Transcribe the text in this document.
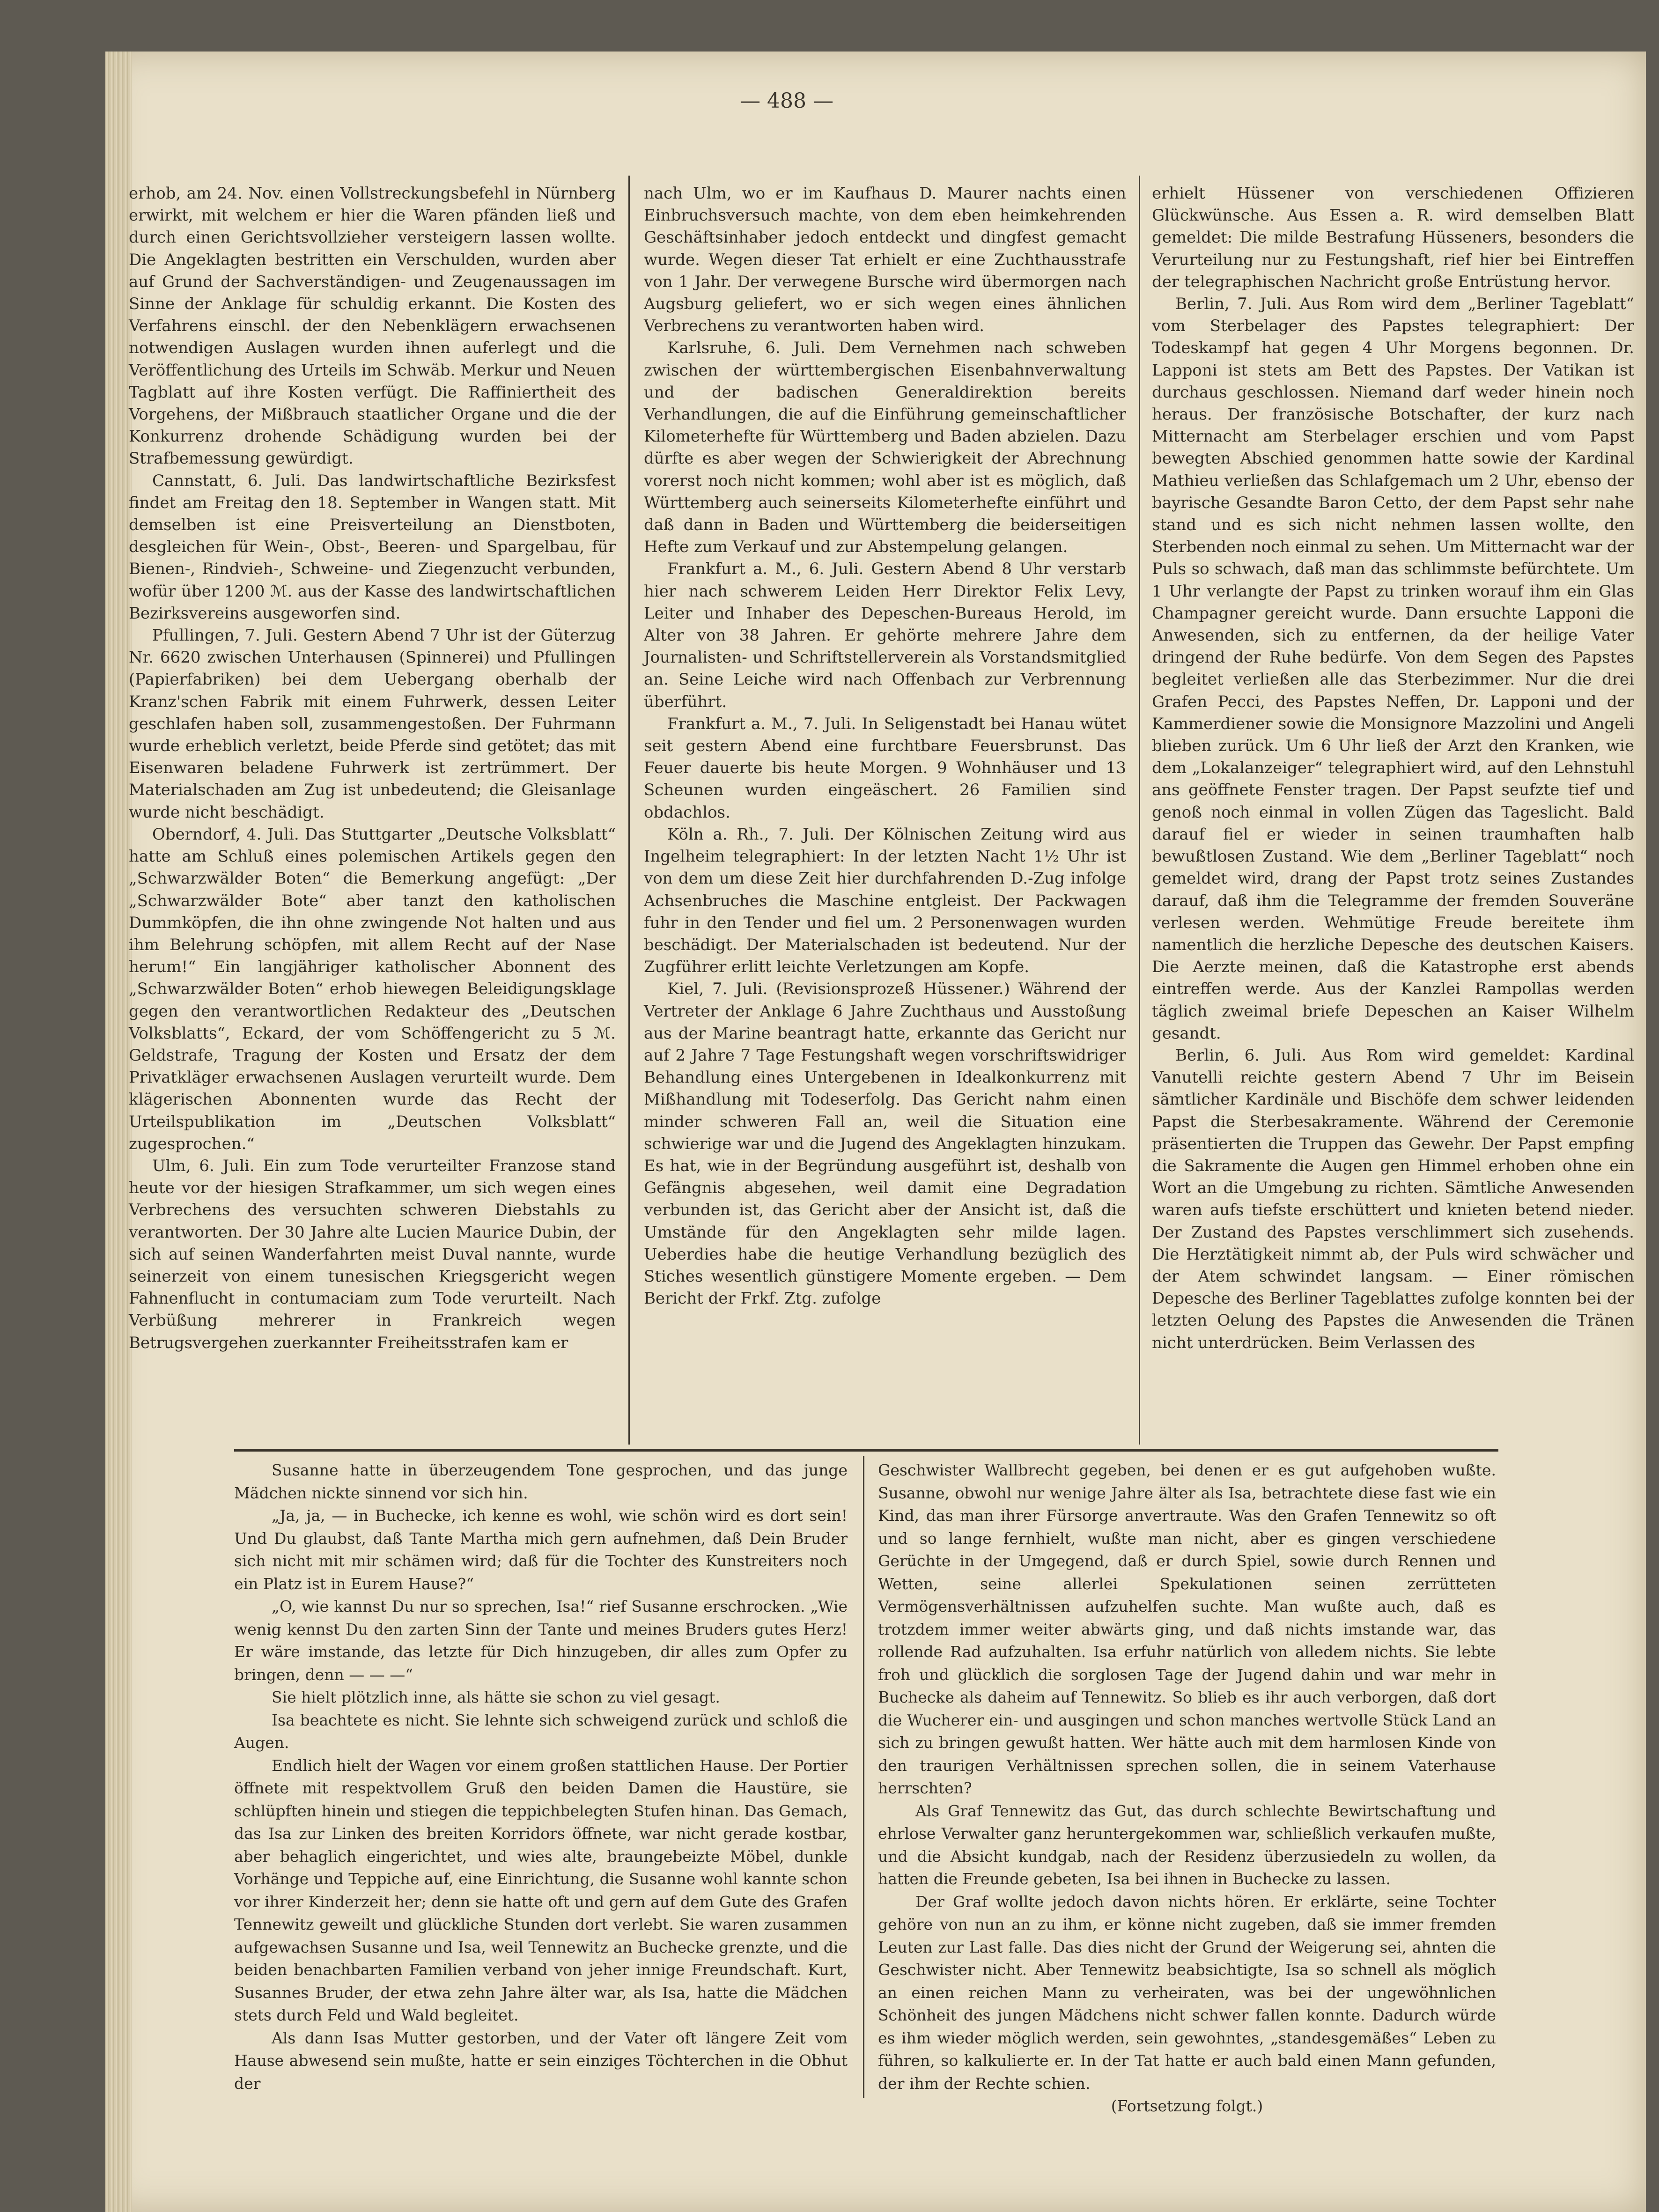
— 488 —

erhob, am 24. Nov. einen Vollstreckungsbefehl in Nürnberg erwirkt, mit welchem er hier die Waren pfänden ließ und durch einen Gerichtsvollzieher versteigern lassen wollte. Die Angeklagten bestritten ein Verschulden, wurden aber auf Grund der Sachverständigen- und Zeugenaussagen im Sinne der Anklage für schuldig erkannt. Die Kosten des Verfahrens einschl. der den Nebenklägern erwachsenen notwendigen Auslagen wurden ihnen auferlegt und die Veröffentlichung des Urteils im Schwäb. Merkur und Neuen Tagblatt auf ihre Kosten verfügt. Die Raffiniertheit des Vorgehens, der Mißbrauch staatlicher Organe und die der Konkurrenz drohende Schädigung wurden bei der Strafbemessung gewürdigt.

Cannstatt, 6. Juli. Das landwirtschaftliche Bezirksfest findet am Freitag den 18. September in Wangen statt. Mit demselben ist eine Preisverteilung an Dienstboten, desgleichen für Wein-, Obst-, Beeren- und Spargelbau, für Bienen-, Rindvieh-, Schweine- und Ziegenzucht verbunden, wofür über 1200 ℳ. aus der Kasse des landwirtschaftlichen Bezirksvereins ausgeworfen sind.

Pfullingen, 7. Juli. Gestern Abend 7 Uhr ist der Güterzug Nr. 6620 zwischen Unterhausen (Spinnerei) und Pfullingen (Papierfabriken) bei dem Uebergang oberhalb der Kranz'schen Fabrik mit einem Fuhrwerk, dessen Leiter geschlafen haben soll, zusammengestoßen. Der Fuhrmann wurde erheblich verletzt, beide Pferde sind getötet; das mit Eisenwaren beladene Fuhrwerk ist zertrümmert. Der Materialschaden am Zug ist unbedeutend; die Gleisanlage wurde nicht beschädigt.

Oberndorf, 4. Juli. Das Stuttgarter „Deutsche Volksblatt“ hatte am Schluß eines polemischen Artikels gegen den „Schwarzwälder Boten“ die Bemerkung angefügt: „Der „Schwarzwälder Bote“ aber tanzt den katholischen Dummköpfen, die ihn ohne zwingende Not halten und aus ihm Belehrung schöpfen, mit allem Recht auf der Nase herum!“ Ein langjähriger katholischer Abonnent des „Schwarzwälder Boten“ erhob hiewegen Beleidigungsklage gegen den verantwortlichen Redakteur des „Deutschen Volksblatts“, Eckard, der vom Schöffengericht zu 5 ℳ. Geldstrafe, Tragung der Kosten und Ersatz der dem Privatkläger erwachsenen Auslagen verurteilt wurde. Dem klägerischen Abonnenten wurde das Recht der Urteilspublikation im „Deutschen Volksblatt“ zugesprochen.“

Ulm, 6. Juli. Ein zum Tode verurteilter Franzose stand heute vor der hiesigen Strafkammer, um sich wegen eines Verbrechens des versuchten schweren Diebstahls zu verantworten. Der 30 Jahre alte Lucien Maurice Dubin, der sich auf seinen Wanderfahrten meist Duval nannte, wurde seinerzeit von einem tunesischen Kriegsgericht wegen Fahnenflucht in contumaciam zum Tode verurteilt. Nach Verbüßung mehrerer in Frankreich wegen Betrugsvergehen zuerkannter Freiheitsstrafen kam er

nach Ulm, wo er im Kaufhaus D. Maurer nachts einen Einbruchsversuch machte, von dem eben heimkehrenden Geschäftsinhaber jedoch entdeckt und dingfest gemacht wurde. Wegen dieser Tat erhielt er eine Zuchthausstrafe von 1 Jahr. Der verwegene Bursche wird übermorgen nach Augsburg geliefert, wo er sich wegen eines ähnlichen Verbrechens zu verantworten haben wird.

Karlsruhe, 6. Juli. Dem Vernehmen nach schweben zwischen der württembergischen Eisenbahnverwaltung und der badischen Generaldirektion bereits Verhandlungen, die auf die Einführung gemeinschaftlicher Kilometerhefte für Württemberg und Baden abzielen. Dazu dürfte es aber wegen der Schwierigkeit der Abrechnung vorerst noch nicht kommen; wohl aber ist es möglich, daß Württemberg auch seinerseits Kilometerhefte einführt und daß dann in Baden und Württemberg die beiderseitigen Hefte zum Verkauf und zur Abstempelung gelangen.

Frankfurt a. M., 6. Juli. Gestern Abend 8 Uhr verstarb hier nach schwerem Leiden Herr Direktor Felix Levy, Leiter und Inhaber des Depeschen-Bureaus Herold, im Alter von 38 Jahren. Er gehörte mehrere Jahre dem Journalisten- und Schriftstellerverein als Vorstandsmitglied an. Seine Leiche wird nach Offenbach zur Verbrennung überführt.

Frankfurt a. M., 7. Juli. In Seligenstadt bei Hanau wütet seit gestern Abend eine furchtbare Feuersbrunst. Das Feuer dauerte bis heute Morgen. 9 Wohnhäuser und 13 Scheunen wurden eingeäschert. 26 Familien sind obdachlos.

Köln a. Rh., 7. Juli. Der Kölnischen Zeitung wird aus Ingelheim telegraphiert: In der letzten Nacht 1½ Uhr ist von dem um diese Zeit hier durchfahrenden D.-Zug infolge Achsenbruches die Maschine entgleist. Der Packwagen fuhr in den Tender und fiel um. 2 Personenwagen wurden beschädigt. Der Materialschaden ist bedeutend. Nur der Zugführer erlitt leichte Verletzungen am Kopfe.

Kiel, 7. Juli. (Revisionsprozeß Hüssener.) Während der Vertreter der Anklage 6 Jahre Zuchthaus und Ausstoßung aus der Marine beantragt hatte, erkannte das Gericht nur auf 2 Jahre 7 Tage Festungshaft wegen vorschriftswidriger Behandlung eines Untergebenen in Idealkonkurrenz mit Mißhandlung mit Todeserfolg. Das Gericht nahm einen minder schweren Fall an, weil die Situation eine schwierige war und die Jugend des Angeklagten hinzukam. Es hat, wie in der Begründung ausgeführt ist, deshalb von Gefängnis abgesehen, weil damit eine Degradation verbunden ist, das Gericht aber der Ansicht ist, daß die Umstände für den Angeklagten sehr milde lagen. Ueberdies habe die heutige Verhandlung bezüglich des Stiches wesentlich günstigere Momente ergeben. — Dem Bericht der Frkf. Ztg. zufolge

erhielt Hüssener von verschiedenen Offizieren Glückwünsche. Aus Essen a. R. wird demselben Blatt gemeldet: Die milde Bestrafung Hüsseners, besonders die Verurteilung nur zu Festungshaft, rief hier bei Eintreffen der telegraphischen Nachricht große Entrüstung hervor.

Berlin, 7. Juli. Aus Rom wird dem „Berliner Tageblatt“ vom Sterbelager des Papstes telegraphiert: Der Todeskampf hat gegen 4 Uhr Morgens begonnen. Dr. Lapponi ist stets am Bett des Papstes. Der Vatikan ist durchaus geschlossen. Niemand darf weder hinein noch heraus. Der französische Botschafter, der kurz nach Mitternacht am Sterbelager erschien und vom Papst bewegten Abschied genommen hatte sowie der Kardinal Mathieu verließen das Schlafgemach um 2 Uhr, ebenso der bayrische Gesandte Baron Cetto, der dem Papst sehr nahe stand und es sich nicht nehmen lassen wollte, den Sterbenden noch einmal zu sehen. Um Mitternacht war der Puls so schwach, daß man das schlimmste befürchtete. Um 1 Uhr verlangte der Papst zu trinken worauf ihm ein Glas Champagner gereicht wurde. Dann ersuchte Lapponi die Anwesenden, sich zu entfernen, da der heilige Vater dringend der Ruhe bedürfe. Von dem Segen des Papstes begleitet verließen alle das Sterbezimmer. Nur die drei Grafen Pecci, des Papstes Neffen, Dr. Lapponi und der Kammerdiener sowie die Monsignore Mazzolini und Angeli blieben zurück. Um 6 Uhr ließ der Arzt den Kranken, wie dem „Lokalanzeiger“ telegraphiert wird, auf den Lehnstuhl ans geöffnete Fenster tragen. Der Papst seufzte tief und genoß noch einmal in vollen Zügen das Tageslicht. Bald darauf fiel er wieder in seinen traumhaften halb bewußtlosen Zustand. Wie dem „Berliner Tageblatt“ noch gemeldet wird, drang der Papst trotz seines Zustandes darauf, daß ihm die Telegramme der fremden Souveräne verlesen werden. Wehmütige Freude bereitete ihm namentlich die herzliche Depesche des deutschen Kaisers. Die Aerzte meinen, daß die Katastrophe erst abends eintreffen werde. Aus der Kanzlei Rampollas werden täglich zweimal briefe Depeschen an Kaiser Wilhelm gesandt.

Berlin, 6. Juli. Aus Rom wird gemeldet: Kardinal Vanutelli reichte gestern Abend 7 Uhr im Beisein sämtlicher Kardinäle und Bischöfe dem schwer leidenden Papst die Sterbesakramente. Während der Ceremonie präsentierten die Truppen das Gewehr. Der Papst empfing die Sakramente die Augen gen Himmel erhoben ohne ein Wort an die Umgebung zu richten. Sämtliche Anwesenden waren aufs tiefste erschüttert und knieten betend nieder. Der Zustand des Papstes verschlimmert sich zusehends. Die Herztätigkeit nimmt ab, der Puls wird schwächer und der Atem schwindet langsam. — Einer römischen Depesche des Berliner Tageblattes zufolge konnten bei der letzten Oelung des Papstes die Anwesenden die Tränen nicht unterdrücken. Beim Verlassen des

Susanne hatte in überzeugendem Tone gesprochen, und das junge Mädchen nickte sinnend vor sich hin.

„Ja, ja, — in Buchecke, ich kenne es wohl, wie schön wird es dort sein! Und Du glaubst, daß Tante Martha mich gern aufnehmen, daß Dein Bruder sich nicht mit mir schämen wird; daß für die Tochter des Kunstreiters noch ein Platz ist in Eurem Hause?“

„O, wie kannst Du nur so sprechen, Isa!“ rief Susanne erschrocken. „Wie wenig kennst Du den zarten Sinn der Tante und meines Bruders gutes Herz! Er wäre imstande, das letzte für Dich hinzugeben, dir alles zum Opfer zu bringen, denn — — —“

Sie hielt plötzlich inne, als hätte sie schon zu viel gesagt.

Isa beachtete es nicht. Sie lehnte sich schweigend zurück und schloß die Augen.

Endlich hielt der Wagen vor einem großen stattlichen Hause. Der Portier öffnete mit respektvollem Gruß den beiden Damen die Haustüre, sie schlüpften hinein und stiegen die teppichbelegten Stufen hinan. Das Gemach, das Isa zur Linken des breiten Korridors öffnete, war nicht gerade kostbar, aber behaglich eingerichtet, und wies alte, braungebeizte Möbel, dunkle Vorhänge und Teppiche auf, eine Einrichtung, die Susanne wohl kannte schon vor ihrer Kinderzeit her; denn sie hatte oft und gern auf dem Gute des Grafen Tennewitz geweilt und glückliche Stunden dort verlebt. Sie waren zusammen aufgewachsen Susanne und Isa, weil Tennewitz an Buchecke grenzte, und die beiden benachbarten Familien verband von jeher innige Freundschaft. Kurt, Susannes Bruder, der etwa zehn Jahre älter war, als Isa, hatte die Mädchen stets durch Feld und Wald begleitet.

Als dann Isas Mutter gestorben, und der Vater oft längere Zeit vom Hause abwesend sein mußte, hatte er sein einziges Töchterchen in die Obhut der

Geschwister Wallbrecht gegeben, bei denen er es gut aufgehoben wußte. Susanne, obwohl nur wenige Jahre älter als Isa, betrachtete diese fast wie ein Kind, das man ihrer Fürsorge anvertraute. Was den Grafen Tennewitz so oft und so lange fernhielt, wußte man nicht, aber es gingen verschiedene Gerüchte in der Umgegend, daß er durch Spiel, sowie durch Rennen und Wetten, seine allerlei Spekulationen seinen zerrütteten Vermögensverhältnissen aufzuhelfen suchte. Man wußte auch, daß es trotzdem immer weiter abwärts ging, und daß nichts imstande war, das rollende Rad aufzuhalten. Isa erfuhr natürlich von alledem nichts. Sie lebte froh und glücklich die sorglosen Tage der Jugend dahin und war mehr in Buchecke als daheim auf Tennewitz. So blieb es ihr auch verborgen, daß dort die Wucherer ein- und ausgingen und schon manches wertvolle Stück Land an sich zu bringen gewußt hatten. Wer hätte auch mit dem harmlosen Kinde von den traurigen Verhältnissen sprechen sollen, die in seinem Vaterhause herrschten?

Als Graf Tennewitz das Gut, das durch schlechte Bewirtschaftung und ehrlose Verwalter ganz heruntergekommen war, schließlich verkaufen mußte, und die Absicht kundgab, nach der Residenz überzusiedeln zu wollen, da hatten die Freunde gebeten, Isa bei ihnen in Buchecke zu lassen.

Der Graf wollte jedoch davon nichts hören. Er erklärte, seine Tochter gehöre von nun an zu ihm, er könne nicht zugeben, daß sie immer fremden Leuten zur Last falle. Das dies nicht der Grund der Weigerung sei, ahnten die Geschwister nicht. Aber Tennewitz beabsichtigte, Isa so schnell als möglich an einen reichen Mann zu verheiraten, was bei der ungewöhnlichen Schönheit des jungen Mädchens nicht schwer fallen konnte. Dadurch würde es ihm wieder möglich werden, sein gewohntes, „standesgemäßes“ Leben zu führen, so kalkulierte er. In der Tat hatte er auch bald einen Mann gefunden, der ihm der Rechte schien.

(Fortsetzung folgt.)
